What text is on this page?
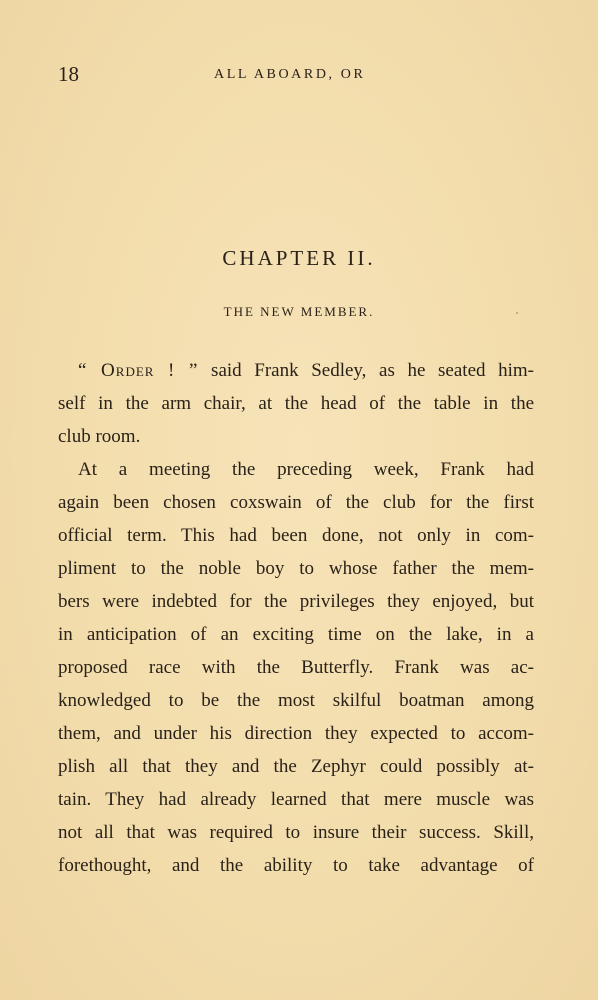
18	ALL ABOARD, OR
CHAPTER II.
THE NEW MEMBER.
“ Order ! ” said Frank Sedley, as he seated him-
self in the arm chair, at the head of the table in the
club room.
At a meeting the preceding week, Frank had
again been chosen coxswain of the club for the first
official term. This had been done, not only in com-
pliment to the noble boy to whose father the mem-
bers were indebted for the privileges they enjoyed, but
in anticipation of an exciting time on the lake, in a
proposed race with the Butterfly. Frank was ac-
knowledged to be the most skilful boatman among
them, and under his direction they expected to accom-
plish all that they and the Zephyr could possibly at-
tain. They had already learned that mere muscle was
not all that was required to insure their success. Skill,
forethought, and the ability to take advantage of
